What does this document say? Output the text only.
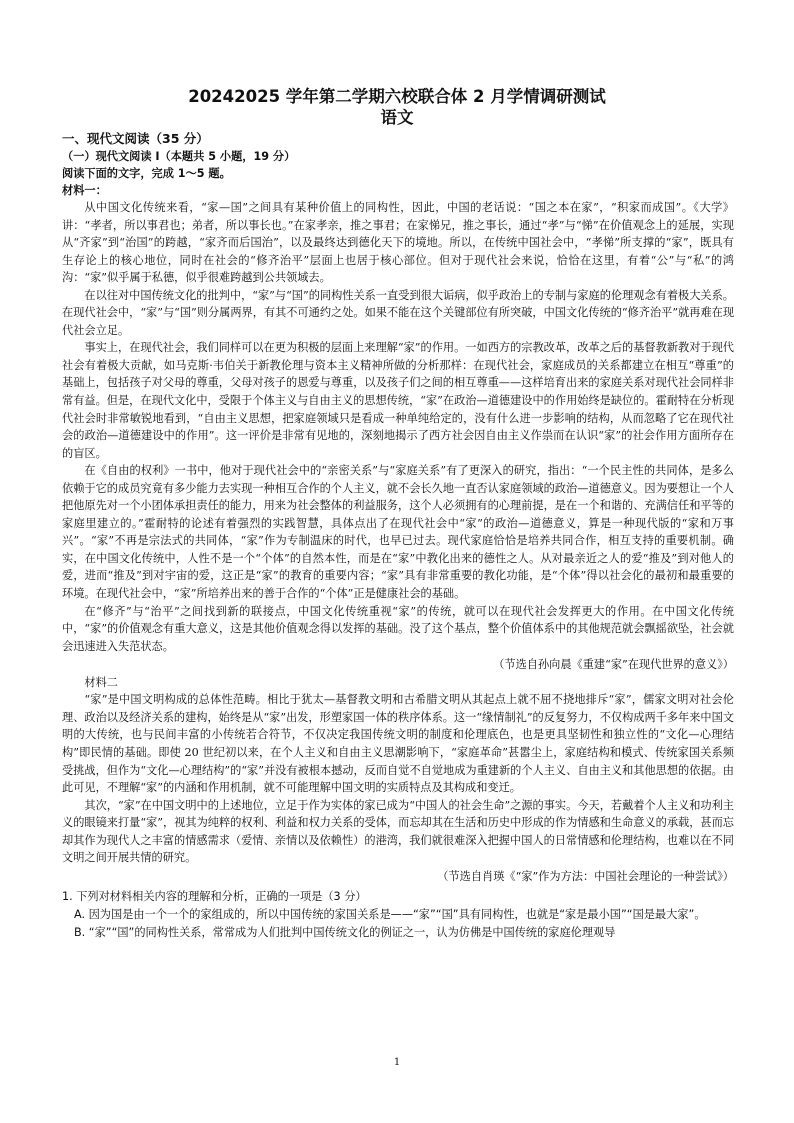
20242025 学年第二学期六校联合体 2 月学情调研测试
语文
一、现代文阅读（35 分）
（一）现代文阅读 I（本题共 5 小题，19 分）
阅读下面的文字，完成 1～5 题。
材料一：

从中国文化传统来看，“家—国”之间具有某种价值上的同构性，因此，中国的老话说：“国之本在家”，“积家而成国”。《大学》讲：“孝者，所以事君也；弟者，所以事长也。”在家孝亲，推之事君；在家悌兄，推之事长，通过“孝”与“悌”在价值观念上的延展，实现从“齐家”到“治国”的跨越，“家齐而后国治”，以及最终达到德化天下的境地。所以，在传统中国社会中，“孝悌”所支撑的“家”，既具有生存论上的核心地位，同时在社会的“修齐治平”层面上也居于核心部位。但对于现代社会来说，恰恰在这里，有着“公”与“私”的鸿沟：“家”似乎属于私德，似乎很难跨越到公共领域去。

在以往对中国传统文化的批判中，“家”与“国”的同构性关系一直受到很大诟病，似乎政治上的专制与家庭的伦理观念有着极大关系。在现代社会中，“家”与“国”则分属两界，有其不可通约之处。如果不能在这个关键部位有所突破，中国文化传统的“修齐治平”就再难在现代社会立足。

事实上，在现代社会，我们同样可以在更为积极的层面上来理解“家”的作用。一如西方的宗教改革，改革之后的基督教新教对于现代社会有着极大贡献，如马克斯·韦伯关于新教伦理与资本主义精神所做的分析那样：在现代社会，家庭成员的关系都建立在相互“尊重”的基础上，包括孩子对父母的尊重，父母对孩子的恩爱与尊重，以及孩子们之间的相互尊重——这样培育出来的家庭关系对现代社会同样非常有益。但是，在现代文化中，受限于个体主义与自由主义的思想传统，“家”在政治—道德建设中的作用始终是缺位的。霍耐特在分析现代社会时非常敏锐地看到，“自由主义思想，把家庭领域只是看成一种单纯给定的，没有什么进一步影响的结构，从而忽略了它在现代社会的政治—道德建设中的作用”。这一评价是非常有见地的，深刻地揭示了西方社会因自由主义作祟而在认识“家”的社会作用方面所存在的盲区。

在《自由的权利》一书中，他对于现代社会中的“亲密关系”与“家庭关系”有了更深入的研究，指出：“一个民主性的共同体，是多么依赖于它的成员究竟有多少能力去实现一种相互合作的个人主义，就不会长久地一直否认家庭领域的政治—道德意义。因为要想让一个人把他原先对一个小团体承担责任的能力，用来为社会整体的利益服务，这个人必须拥有的心理前提，是在一个和谐的、充满信任和平等的家庭里建立的。”霍耐特的论述有着强烈的实践智慧，具体点出了在现代社会中“家”的政治—道德意义，算是一种现代版的“家和万事兴”。“家”不再是宗法式的共同体，“家”作为专制温床的时代，也早已过去。现代家庭恰恰是培养共同合作，相互支持的重要机制。确实，在中国文化传统中，人性不是一个“个体”的自然本性，而是在“家”中教化出来的德性之人。从对最亲近之人的爱“推及”到对他人的爱，进而“推及”到对宇宙的爱，这正是“家”的教育的重要内容；“家”具有非常重要的教化功能，是“个体”得以社会化的最初和最重要的环境。在现代社会中，“家”所培养出来的善于合作的“个体”正是健康社会的基础。

在“修齐”与“治平”之间找到新的联接点，中国文化传统重视“家”的传统，就可以在现代社会发挥更大的作用。在中国文化传统中，“家”的价值观念有重大意义，这是其他价值观念得以发挥的基础。没了这个基点，整个价值体系中的其他规范就会飘摇欲坠，社会就会迅速进入失范状态。

（节选自孙向晨《重建“家”在现代世界的意义》）

材料二

“家”是中国文明构成的总体性范畴。相比于犹太—基督教文明和古希腊文明从其起点上就不屈不挠地排斥“家”，儒家文明对社会伦理、政治以及经济关系的建构，始终是从“家”出发，形塑家国一体的秩序体系。这一“缘情制礼”的反复努力，不仅构成两千多年来中国文明的大传统，也与民间丰富的小传统若合符节，不仅决定我国传统文明的制度和伦理底色，也是更具坚韧性和独立性的“文化—心理结构”即民情的基础。即使 20 世纪初以来，在个人主义和自由主义思潮影响下，“家庭革命”甚嚣尘上，家庭结构和模式、传统家国关系频受挑战，但作为“文化—心理结构”的“家”并没有被根本撼动，反而自觉不自觉地成为重建新的个人主义、自由主义和其他思想的依据。由此可见，不理解“家”的内涵和作用机制，就不可能理解中国文明的实质特点及其构成和变迁。

其次，“家”在中国文明中的上述地位，立足于作为实体的家已成为“中国人的社会生命”之源的事实。今天，若戴着个人主义和功利主义的眼镜来打量“家”，视其为纯粹的权利、利益和权力关系的受体，而忘却其在生活和历史中形成的作为情感和生命意义的承载，甚而忘却其作为现代人之丰富的情感需求（爱情、亲情以及依赖性）的港湾，我们就很难深入把握中国人的日常情感和伦理结构，也难以在不同文明之间开展共情的研究。

（节选自肖瑛《“家”作为方法：中国社会理论的一种尝试》）

1. 下列对材料相关内容的理解和分析，正确的一项是（3 分）

A. 因为国是由一个一个的家组成的，所以中国传统的家国关系是——“家”“国”具有同构性，也就是“家是最小国”“国是最大家”。

B. “家”“国”的同构性关系，常常成为人们批判中国传统文化的例证之一，认为仿佛是中国传统的家庭伦理观导

1
